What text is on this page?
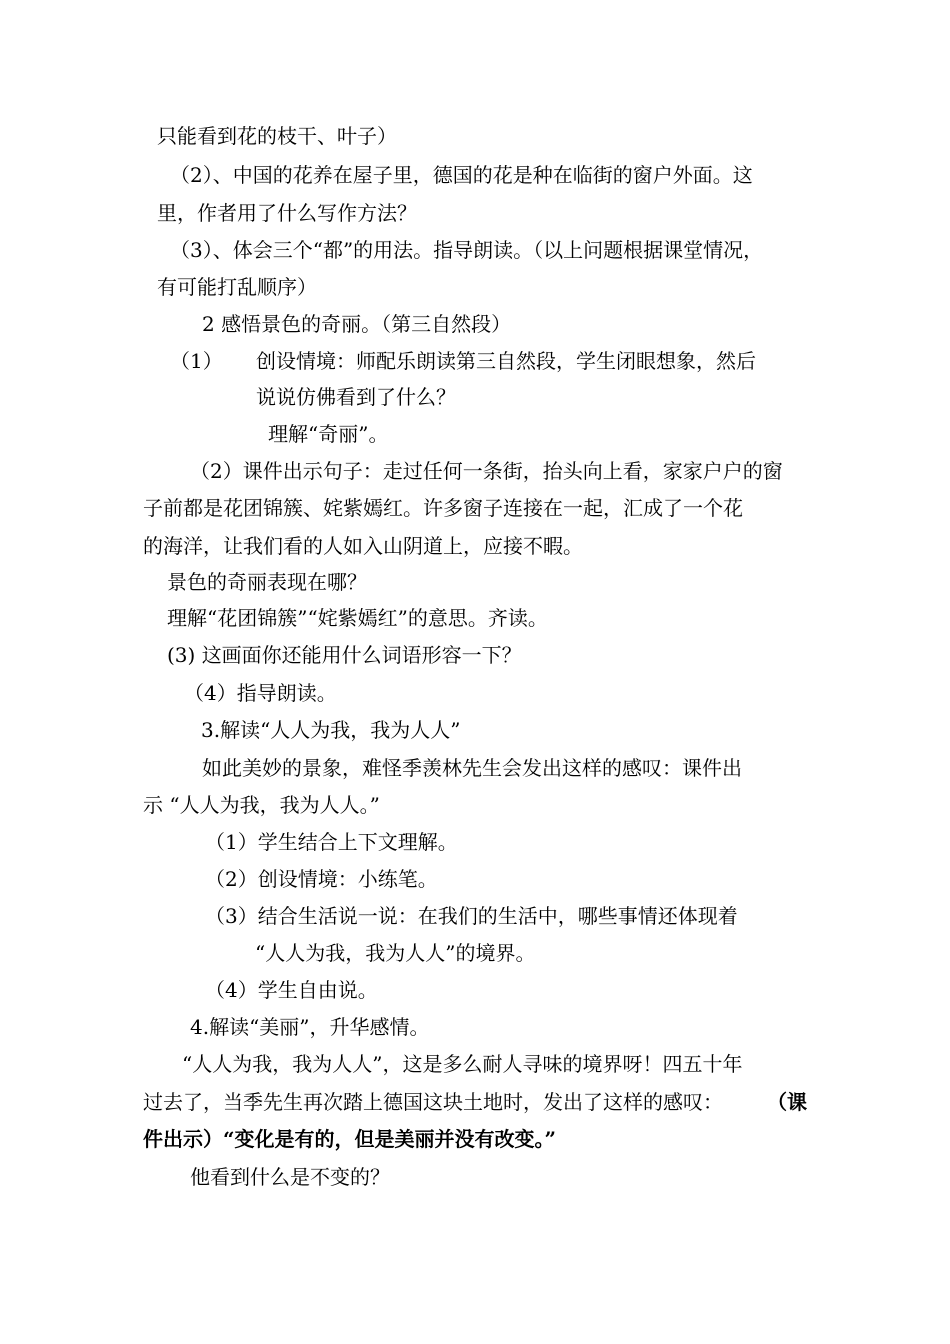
只能看到花的枝干、叶子）
（2）、中国的花养在屋子里，德国的花是种在临街的窗户外面。这
里，作者用了什么写作方法？
（3）、体会三个“都”的用法。指导朗读。（以上问题根据课堂情况，
有可能打乱顺序）
2 感悟景色的奇丽。（第三自然段）
（1） 创设情境：师配乐朗读第三自然段，学生闭眼想象，然后
说说仿佛看到了什么？
理解“奇丽”。
（2）课件出示句子：走过任何一条街，抬头向上看，家家户户的窗
子前都是花团锦簇、姹紫嫣红。许多窗子连接在一起，汇成了一个花
的海洋，让我们看的人如入山阴道上，应接不暇。
景色的奇丽表现在哪？
理解“花团锦簇”“姹紫嫣红”的意思。齐读。
(3) 这画面你还能用什么词语形容一下？
（4）指导朗读。
3.解读“人人为我，我为人人”
如此美妙的景象，难怪季羡林先生会发出这样的感叹：课件出
示 “人人为我，我为人人。”
（1）学生结合上下文理解。
（2）创设情境：小练笔。
（3）结合生活说一说：在我们的生活中，哪些事情还体现着
“人人为我，我为人人”的境界。
（4）学生自由说。
4.解读“美丽”，升华感情。
“人人为我，我为人人”，这是多么耐人寻味的境界呀！四五十年
过去了，当季先生再次踏上德国这块土地时，发出了这样的感叹： （课
件出示）“变化是有的，但是美丽并没有改变。”
他看到什么是不变的？
